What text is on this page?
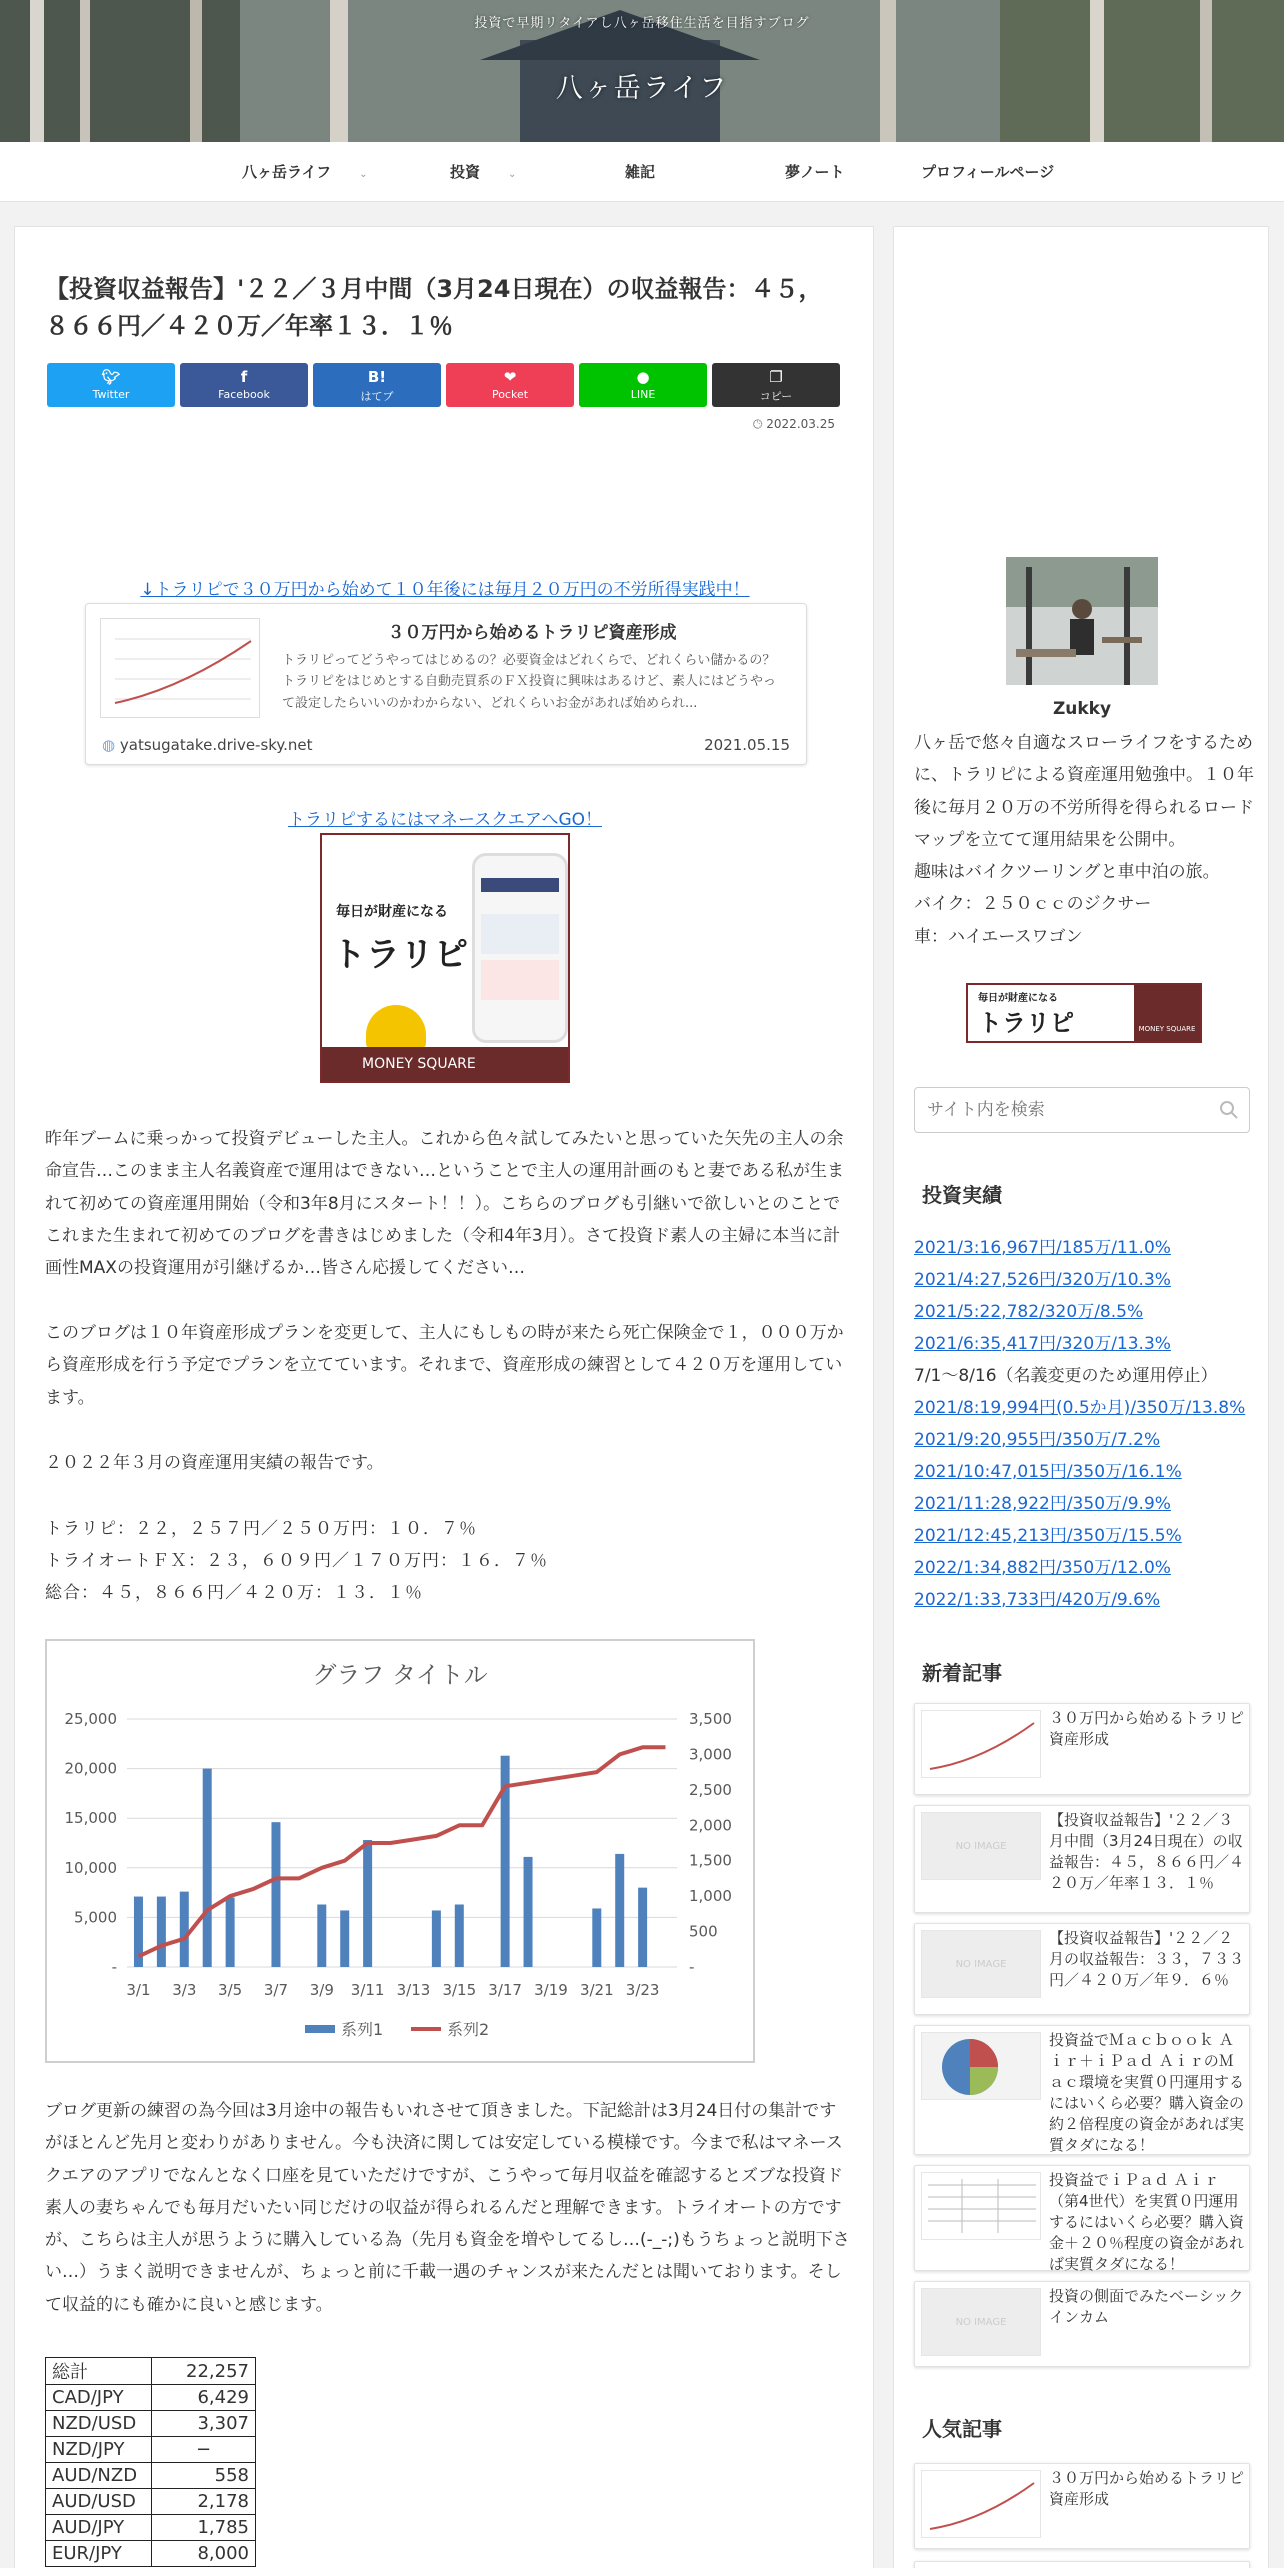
投資で早期リタイアし八ヶ岳移住生活を目指すブログ
八ヶ岳ライフ
八ヶ岳ライフ	⌄	投資	⌄	雑記	夢ノート	プロフィールページ
【投資収益報告】'２２／３月中間（3月24日現在）の収益報告：４５，８６６円／４２０万／年率１３．１％
🐦︎
Twitter
f
Facebook
B!
はてブ
❤︎
Pocket
●
LINE
❐
コピー
🕒︎ 2022.03.25
↓トラリピで３０万円から始めて１０年後には毎月２０万円の不労所得実践中！
３０万円から始めるトラリピ資産形成
トラリピってどうやってはじめるの？必要資金はどれくらで、どれくらい儲かるの？トラリピをはじめとする自動売買系のＦＸ投資に興味はあるけど、素人にはどうやって設定したらいいのかわからない、どれくらいお金があれば始められ...
◍ yatsugatake.drive-sky.net	2021.05.15
トラリピするにはマネースクエアへGO！
毎日が財産になる
トラリピ
MONEY SQUARE

昨年ブームに乗っかって投資デビューした主人。これから色々試してみたいと思っていた矢先の主人の余命宣告…このまま主人名義資産で運用はできない…ということで主人の運用計画のもと妻である私が生まれて初めての資産運用開始（令和3年8月にスタート！！）。こちらのブログも引継いで欲しいとのことでこれまた生まれて初めてのブログを書きはじめました（令和4年3月）。さて投資ド素人の主婦に本当に計画性MAXの投資運用が引継げるか…皆さん応援してください…

このブログは１０年資産形成プランを変更して、主人にもしもの時が来たら死亡保険金で１，０００万から資産形成を行う予定でプランを立てています。それまで、資産形成の練習として４２０万を運用しています。

２０２２年３月の資産運用実績の報告です。

トラリピ：２２，２５７円／２５０万円：１０．７％

トライオートＦＸ：２３，６０９円／１７０万円：１６．７％

総合：４５，８６６円／４２０万：１３．１％

グラフ タイトル
-
5,000
10,000
15,000
20,000
25,000
-
500
1,000
1,500
2,000
2,500
3,000
3,500
3/1 3/3 3/5 3/7 3/9 3/11 3/13 3/15 3/17 3/19 3/21 3/23
系列1	系列2

ブログ更新の練習の為今回は3月途中の報告もいれさせて頂きました。下記総計は3月24日付の集計ですがほとんど先月と変わりがありません。今も決済に関しては安定している模様です。今まで私はマネースクエアのアプリでなんとなく口座を見ていただけですが、こうやって毎月収益を確認するとズブな投資ド素人の妻ちゃんでも毎月だいたい同じだけの収益が得られるんだと理解できます。トライオートの方ですが、こちらは主人が思うように購入している為（先月も資金を増やしてるし…(-_-;)もうちょっと説明下さい…）うまく説明できませんが、ちょっと前に千載一遇のチャンスが来たんだとは聞いております。そして収益的にも確かに良いと感じます。

総計	22,257
CAD/JPY	6,429
NZD/USD	3,307
NZD/JPY	−
AUD/NZD	558
AUD/USD	2,178
AUD/JPY	1,785
EUR/JPY	8,000
Zukky

八ヶ岳で悠々自適なスローライフをするために、トラリピによる資産運用勉強中。１０年後に毎月２０万の不労所得を得られるロードマップを立てて運用結果を公開中。

趣味はバイクツーリングと車中泊の旅。

バイク：２５０ｃｃのジクサー

車：ハイエースワゴン

毎日が財産になる
トラリピ	MONEY SQUARE
サイト内を検索
投資実績
2021/3:16,967円/185万/11.0%
2021/4:27,526円/320万/10.3%
2021/5:22,782/320万/8.5%
2021/6:35,417円/320万/13.3%
7/1～8/16（名義変更のため運用停止）
2021/8:19,994円(0.5か月)/350万/13.8%
2021/9:20,955円/350万/7.2%
2021/10:47,015円/350万/16.1%
2021/11:28,922円/350万/9.9%
2021/12:45,213円/350万/15.5%
2022/1:34,882円/350万/12.0%
2022/1:33,733円/420万/9.6%
新着記事
３０万円から始めるトラリピ資産形成
NO IMAGE
【投資収益報告】'２２／３月中間（3月24日現在）の収益報告：４５，８６６円／４２０万／年率１３．１％
NO IMAGE
【投資収益報告】'２２／２月の収益報告：３３，７３３円／４２０万／年９．６％
投資益でＭａｃｂｏｏｋ Ａｉｒ＋ｉＰａｄ ＡｉｒのＭａｃ環境を実質０円運用するにはいくら必要？購入資金の約２倍程度の資金があれば実質タダになる！
投資益でｉＰａｄ Ａｉｒ（第4世代）を実質０円運用するにはいくら必要？購入資金＋２０％程度の資金があれば実質タダになる！
NO IMAGE
投資の側面でみたベーシックインカム
人気記事
３０万円から始めるトラリピ資産形成
